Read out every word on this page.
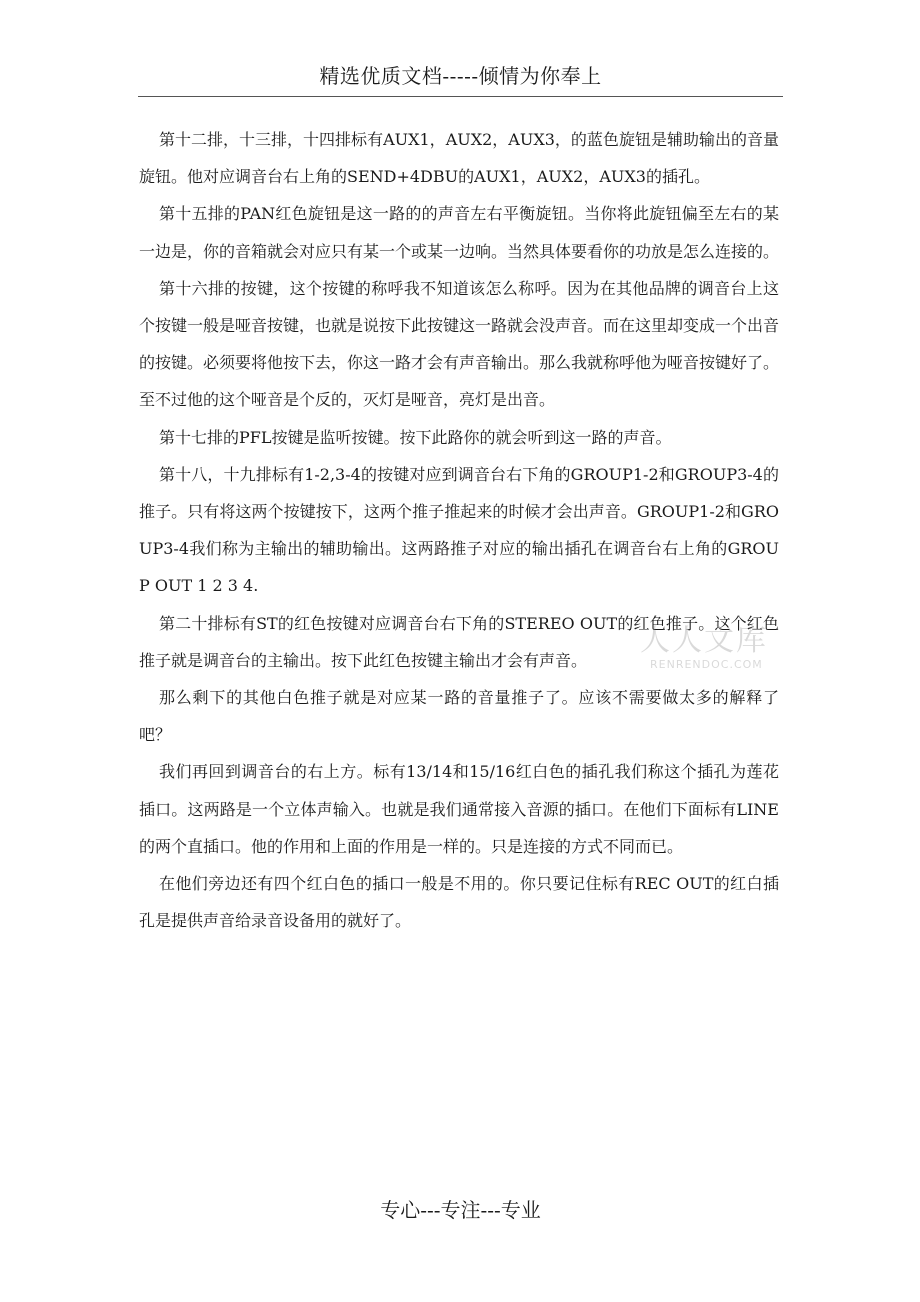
精选优质文档-----倾情为你奉上

第十二排，十三排，十四排标有AUX1，AUX2，AUX3，的蓝色旋钮是辅助输出的音量旋钮。他对应调音台右上角的SEND+4DBU的AUX1，AUX2，AUX3的插孔。

第十五排的PAN红色旋钮是这一路的的声音左右平衡旋钮。当你将此旋钮偏至左右的某一边是，你的音箱就会对应只有某一个或某一边响。当然具体要看你的功放是怎么连接的。

第十六排的按键，这个按键的称呼我不知道该怎么称呼。因为在其他品牌的调音台上这个按键一般是哑音按键，也就是说按下此按键这一路就会没声音。而在这里却变成一个出音的按键。必须要将他按下去，你这一路才会有声音输出。那么我就称呼他为哑音按键好了。至不过他的这个哑音是个反的，灭灯是哑音，亮灯是出音。

第十七排的PFL按键是监听按键。按下此路你的就会听到这一路的声音。

第十八，十九排标有1-2,3-4的按键对应到调音台右下角的GROUP1-2和GROUP3-4的推子。只有将这两个按键按下，这两个推子推起来的时候才会出声音。GROUP1-2和GROUP3-4我们称为主输出的辅助输出。这两路推子对应的输出插孔在调音台右上角的GROUP OUT 1 2 3 4.

第二十排标有ST的红色按键对应调音台右下角的STEREO OUT的红色推子。这个红色推子就是调音台的主输出。按下此红色按键主输出才会有声音。

那么剩下的其他白色推子就是对应某一路的音量推子了。应该不需要做太多的解释了吧？

我们再回到调音台的右上方。标有13/14和15/16红白色的插孔我们称这个插孔为莲花插口。这两路是一个立体声输入。也就是我们通常接入音源的插口。在他们下面标有LINE的两个直插口。他的作用和上面的作用是一样的。只是连接的方式不同而已。

在他们旁边还有四个红白色的插口一般是不用的。你只要记住标有REC OUT的红白插孔是提供声音给录音设备用的就好了。

人人文库
RENRENDOC.COM
专心---专注---专业
